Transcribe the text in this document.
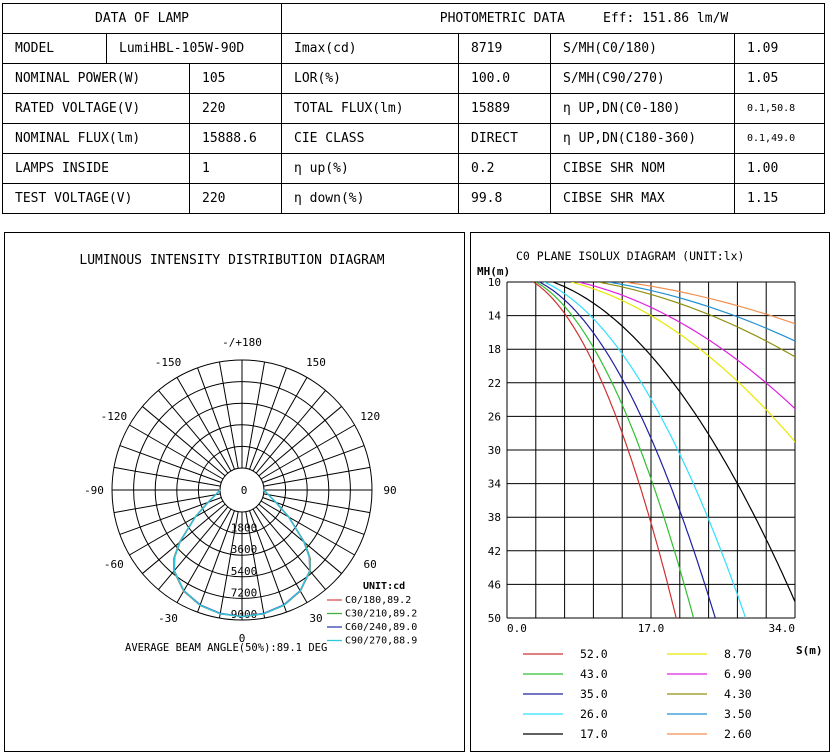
DATA OF LAMP			PHOTOMETRIC DATA Eff: 151.86 lm/W			
MODEL	LumiHBL-105W-90D		Imax(cd)	8719	S/MH(C0/180)	1.09
NOMINAL POWER(W)		105	LOR(%)	100.0	S/MH(C90/270)	1.05
RATED VOLTAGE(V)		220	TOTAL FLUX(lm)	15889	η UP,DN(C0-180)	0.1,50.8
NOMINAL FLUX(lm)		15888.6	CIE CLASS	DIRECT	η UP,DN(C180-360)	0.1,49.0
LAMPS INSIDE		1	η up(%)	0.2	CIBSE SHR NOM	1.00
TEST VOLTAGE(V)		220	η down(%)	99.8	CIBSE SHR MAX	1.15
LUMINOUS INTENSITY DISTRIBUTION DIAGRAM
-/+180
-150	150
-120	120
-90	90
-60	60
-30	30
0
0
1800
3600
5400
7200
9000
UNIT:cd
C0/180,89.2
C30/210,89.2
C60/240,89.0
C90/270,88.9
AVERAGE BEAM ANGLE(50%):89.1 DEG
C0 PLANE ISOLUX DIAGRAM (UNIT:lx)
MH(m)
10
14
18
22
26
30
34
38
42
46
50
0.0	17.0	34.0
S(m)
52.0
43.0
35.0
26.0
17.0
8.70
6.90
4.30
3.50
2.60
